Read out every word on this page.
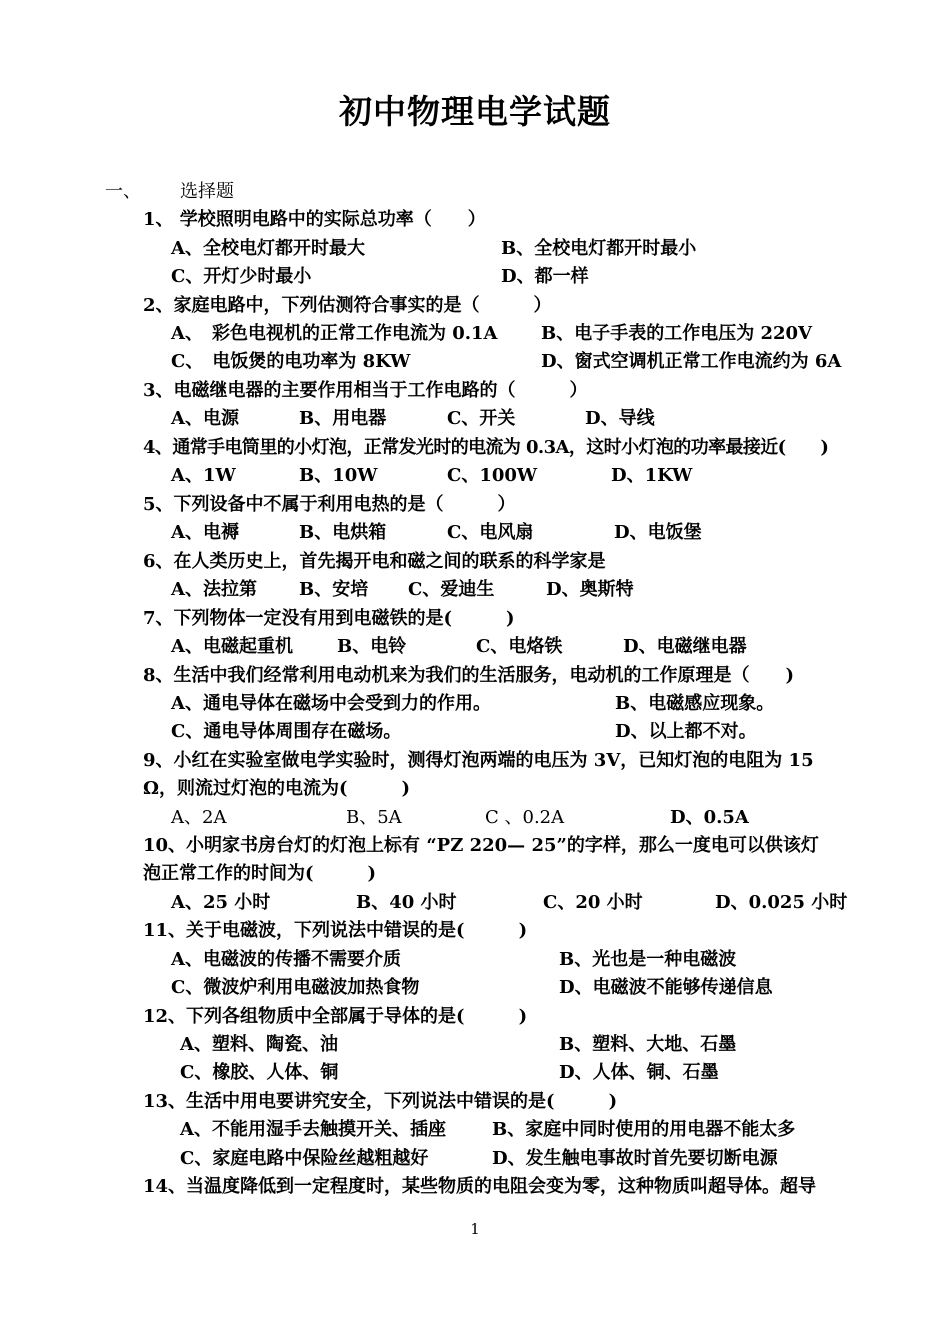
初中物理电学试题
一、 选择题
1、 学校照明电路中的实际总功率（　　）
A、全校电灯都开时最大	B、全校电灯都开时最小
C、开灯少时最小	D、都一样
2、家庭电路中，下列估测符合事实的是（　　　）
A、　彩色电视机的正常工作电流为 0.1A B、电子手表的工作电压为 220V
C、　电饭煲的电功率为 8KW	D、窗式空调机正常工作电流约为 6A
3、电磁继电器的主要作用相当于工作电路的（　　　）
A、电源	B、用电器	C、开关	D、导线
4、通常手电筒里的小灯泡，正常发光时的电流为 0.3A，这时小灯泡的功率最接近(　　)
A、1W	B、10W	C、100W	D、1KW
5、下列设备中不属于利用电热的是（　　　）
A、电褥	B、电烘箱	C、电风扇	D、电饭堡
6、在人类历史上，首先揭开电和磁之间的联系的科学家是
A、法拉第 B、安培 C、爱迪生	D、奥斯特
7、下列物体一定没有用到电磁铁的是(　　　)
A、电磁起重机 B、电铃	C、电烙铁	D、电磁继电器
8、生活中我们经常利用电动机来为我们的生活服务，电动机的工作原理是（　　)
A、通电导体在磁场中会受到力的作用。	B、电磁感应现象。
C、通电导体周围存在磁场。	D、以上都不对。
9、小红在实验室做电学实验时，测得灯泡两端的电压为 3V，已知灯泡的电阻为 15
Ω，则流过灯泡的电流为(　　　)
A、2A	B、5A	C 、0.2A	D、0.5A
10、小明家书房台灯的灯泡上标有 “PZ 220— 25”的字样，那么一度电可以供该灯
泡正常工作的时间为(　　　)
A、25 小时	B、40 小时	C、20 小时	D、0.025 小时
11、关于电磁波，下列说法中错误的是(　　　)
A、电磁波的传播不需要介质	B、光也是一种电磁波
C、微波炉利用电磁波加热食物	D、电磁波不能够传递信息
12、下列各组物质中全部属于导体的是(　　　)
A、塑料、陶瓷、油	B、塑料、大地、石墨
C、橡胶、人体、铜	D、人体、铜、石墨
13、生活中用电要讲究安全，下列说法中错误的是(　　　)
A、不能用湿手去触摸开关、插座	B、家庭中同时使用的用电器不能太多
C、家庭电路中保险丝越粗越好	D、发生触电事故时首先要切断电源
14、当温度降低到一定程度时，某些物质的电阻会变为零，这种物质叫超导体。超导
1
